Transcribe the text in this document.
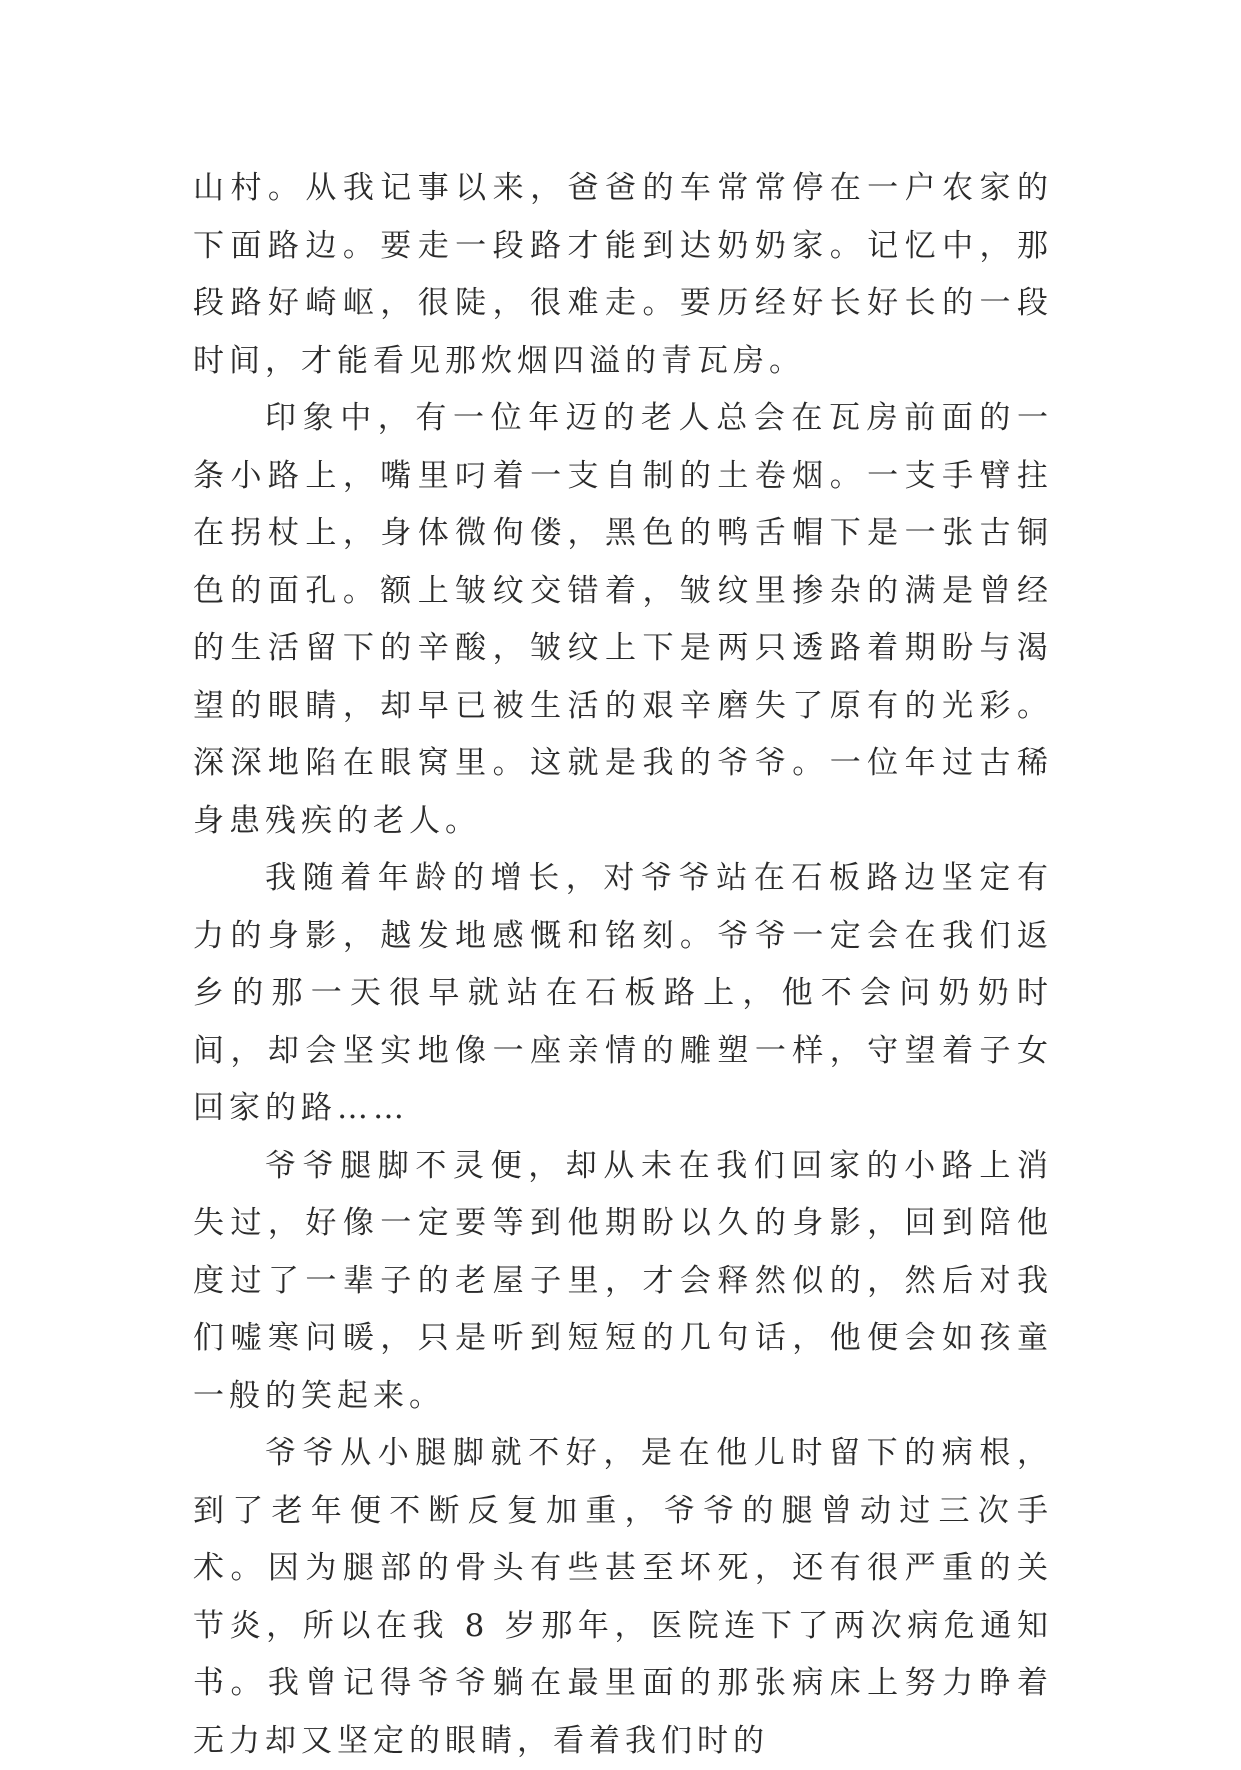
山村。从我记事以来，爸爸的车常常停在一户农家的下面路边。要走一段路才能到达奶奶家。记忆中，那段路好崎岖，很陡，很难走。要历经好长好长的一段时间，才能看见那炊烟四溢的青瓦房。

印象中，有一位年迈的老人总会在瓦房前面的一条小路上，嘴里叼着一支自制的土卷烟。一支手臂拄在拐杖上，身体微佝偻，黑色的鸭舌帽下是一张古铜色的面孔。额上皱纹交错着，皱纹里掺杂的满是曾经的生活留下的辛酸，皱纹上下是两只透路着期盼与渴望的眼睛，却早已被生活的艰辛磨失了原有的光彩。深深地陷在眼窝里。这就是我的爷爷。一位年过古稀身患残疾的老人。

我随着年龄的增长，对爷爷站在石板路边坚定有力的身影，越发地感慨和铭刻。爷爷一定会在我们返乡的那一天很早就站在石板路上，他不会问奶奶时间，却会坚实地像一座亲情的雕塑一样，守望着子女回家的路……

爷爷腿脚不灵便，却从未在我们回家的小路上消失过，好像一定要等到他期盼以久的身影，回到陪他度过了一辈子的老屋子里，才会释然似的，然后对我们嘘寒问暖，只是听到短短的几句话，他便会如孩童一般的笑起来。

爷爷从小腿脚就不好，是在他儿时留下的病根，到了老年便不断反复加重，爷爷的腿曾动过三次手术。因为腿部的骨头有些甚至坏死，还有很严重的关节炎，所以在我 8 岁那年，医院连下了两次病危通知书。我曾记得爷爷躺在最里面的那张病床上努力睁着无力却又坚定的眼睛，看着我们时的
